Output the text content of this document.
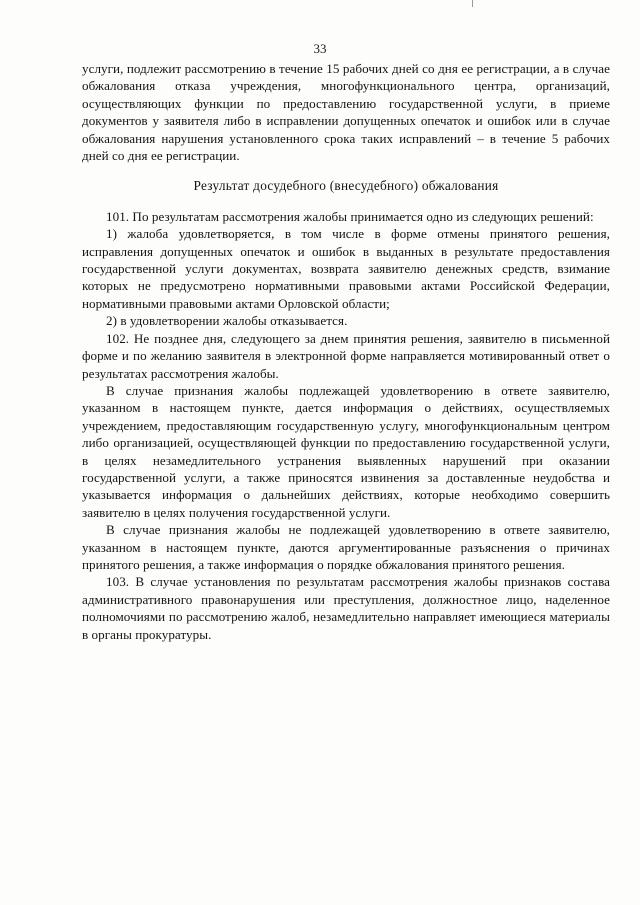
33

услуги, подлежит рассмотрению в течение 15 рабочих дней со дня ее регистрации, а в случае обжалования отказа учреждения, многофункционального центра, организаций, осуществляющих функции по предоставлению государственной услуги, в приеме документов у заявителя либо в исправлении допущенных опечаток и ошибок или в случае обжалования нарушения установленного срока таких исправлений – в течение 5 рабочих дней со дня ее регистрации.

Результат досудебного (внесудебного) обжалования

101. По результатам рассмотрения жалобы принимается одно из следующих решений:

1) жалоба удовлетворяется, в том числе в форме отмены принятого решения, исправления допущенных опечаток и ошибок в выданных в результате предоставления государственной услуги документах, возврата заявителю денежных средств, взимание которых не предусмотрено нормативными правовыми актами Российской Федерации, нормативными правовыми актами Орловской области;

2) в удовлетворении жалобы отказывается.

102. Не позднее дня, следующего за днем принятия решения, заявителю в письменной форме и по желанию заявителя в электронной форме направляется мотивированный ответ о результатах рассмотрения жалобы.

В случае признания жалобы подлежащей удовлетворению в ответе заявителю, указанном в настоящем пункте, дается информация о действиях, осуществляемых учреждением, предоставляющим государственную услугу, многофункциональным центром либо организацией, осуществляющей функции по предоставлению государственной услуги, в целях незамедлительного устранения выявленных нарушений при оказании государственной услуги, а также приносятся извинения за доставленные неудобства и указывается информация о дальнейших действиях, которые необходимо совершить заявителю в целях получения государственной услуги.

В случае признания жалобы не подлежащей удовлетворению в ответе заявителю, указанном в настоящем пункте, даются аргументированные разъяснения о причинах принятого решения, а также информация о порядке обжалования принятого решения.

103. В случае установления по результатам рассмотрения жалобы признаков состава административного правонарушения или преступления, должностное лицо, наделенное полномочиями по рассмотрению жалоб, незамедлительно направляет имеющиеся материалы в органы прокуратуры.
